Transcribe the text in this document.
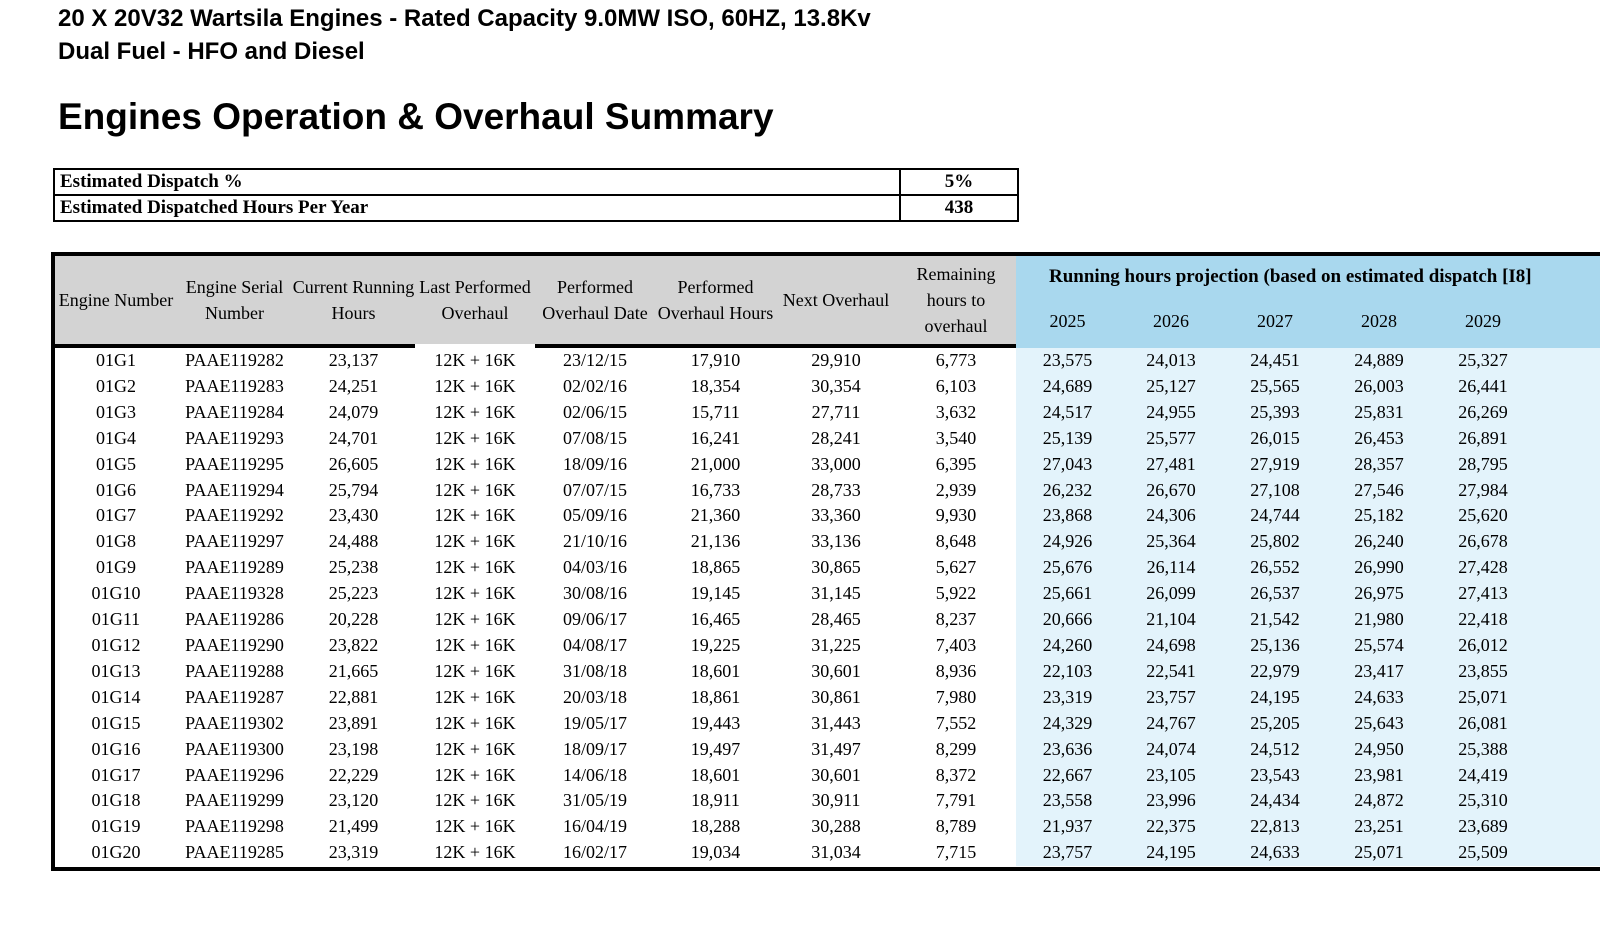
20 X 20V32 Wartsila Engines - Rated Capacity 9.0MW ISO, 60HZ, 13.8Kv
Dual Fuel - HFO and Diesel
Engines Operation & Overhaul Summary
Estimated Dispatch %	5%
Estimated Dispatched Hours Per Year	438
Engine Number	Engine Serial Number	Current Running Hours	Last Performed Overhaul	Performed Overhaul Date	Performed Overhaul Hours	Next Overhaul	Remaining hours to overhaul	Running hours projection (based on estimated dispatch [I8]					
								2025	2026	2027	2028	2029	

01G1	PAAE119282	23,137	12K + 16K	23/12/15	17,910	29,910	6,773	23,575	24,013	24,451	24,889	25,327	
01G2	PAAE119283	24,251	12K + 16K	02/02/16	18,354	30,354	6,103	24,689	25,127	25,565	26,003	26,441	
01G3	PAAE119284	24,079	12K + 16K	02/06/15	15,711	27,711	3,632	24,517	24,955	25,393	25,831	26,269	
01G4	PAAE119293	24,701	12K + 16K	07/08/15	16,241	28,241	3,540	25,139	25,577	26,015	26,453	26,891	
01G5	PAAE119295	26,605	12K + 16K	18/09/16	21,000	33,000	6,395	27,043	27,481	27,919	28,357	28,795	
01G6	PAAE119294	25,794	12K + 16K	07/07/15	16,733	28,733	2,939	26,232	26,670	27,108	27,546	27,984	
01G7	PAAE119292	23,430	12K + 16K	05/09/16	21,360	33,360	9,930	23,868	24,306	24,744	25,182	25,620	
01G8	PAAE119297	24,488	12K + 16K	21/10/16	21,136	33,136	8,648	24,926	25,364	25,802	26,240	26,678	
01G9	PAAE119289	25,238	12K + 16K	04/03/16	18,865	30,865	5,627	25,676	26,114	26,552	26,990	27,428	
01G10	PAAE119328	25,223	12K + 16K	30/08/16	19,145	31,145	5,922	25,661	26,099	26,537	26,975	27,413	
01G11	PAAE119286	20,228	12K + 16K	09/06/17	16,465	28,465	8,237	20,666	21,104	21,542	21,980	22,418	
01G12	PAAE119290	23,822	12K + 16K	04/08/17	19,225	31,225	7,403	24,260	24,698	25,136	25,574	26,012	
01G13	PAAE119288	21,665	12K + 16K	31/08/18	18,601	30,601	8,936	22,103	22,541	22,979	23,417	23,855	
01G14	PAAE119287	22,881	12K + 16K	20/03/18	18,861	30,861	7,980	23,319	23,757	24,195	24,633	25,071	
01G15	PAAE119302	23,891	12K + 16K	19/05/17	19,443	31,443	7,552	24,329	24,767	25,205	25,643	26,081	
01G16	PAAE119300	23,198	12K + 16K	18/09/17	19,497	31,497	8,299	23,636	24,074	24,512	24,950	25,388	
01G17	PAAE119296	22,229	12K + 16K	14/06/18	18,601	30,601	8,372	22,667	23,105	23,543	23,981	24,419	
01G18	PAAE119299	23,120	12K + 16K	31/05/19	18,911	30,911	7,791	23,558	23,996	24,434	24,872	25,310	
01G19	PAAE119298	21,499	12K + 16K	16/04/19	18,288	30,288	8,789	21,937	22,375	22,813	23,251	23,689	
01G20	PAAE119285	23,319	12K + 16K	16/02/17	19,034	31,034	7,715	23,757	24,195	24,633	25,071	25,509	
